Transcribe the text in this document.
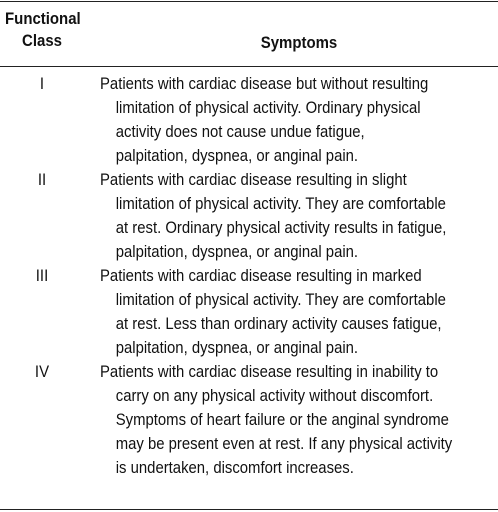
Functional
Class	Symptoms
I	Patients with cardiac disease but without resulting
limitation of physical activity. Ordinary physical
activity does not cause undue fatigue,
palpitation, dyspnea, or anginal pain.
II	Patients with cardiac disease resulting in slight
limitation of physical activity. They are comfortable
at rest. Ordinary physical activity results in fatigue,
palpitation, dyspnea, or anginal pain.
III	Patients with cardiac disease resulting in marked
limitation of physical activity. They are comfortable
at rest. Less than ordinary activity causes fatigue,
palpitation, dyspnea, or anginal pain.
IV	Patients with cardiac disease resulting in inability to
carry on any physical activity without discomfort.
Symptoms of heart failure or the anginal syndrome
may be present even at rest. If any physical activity
is undertaken, discomfort increases.
